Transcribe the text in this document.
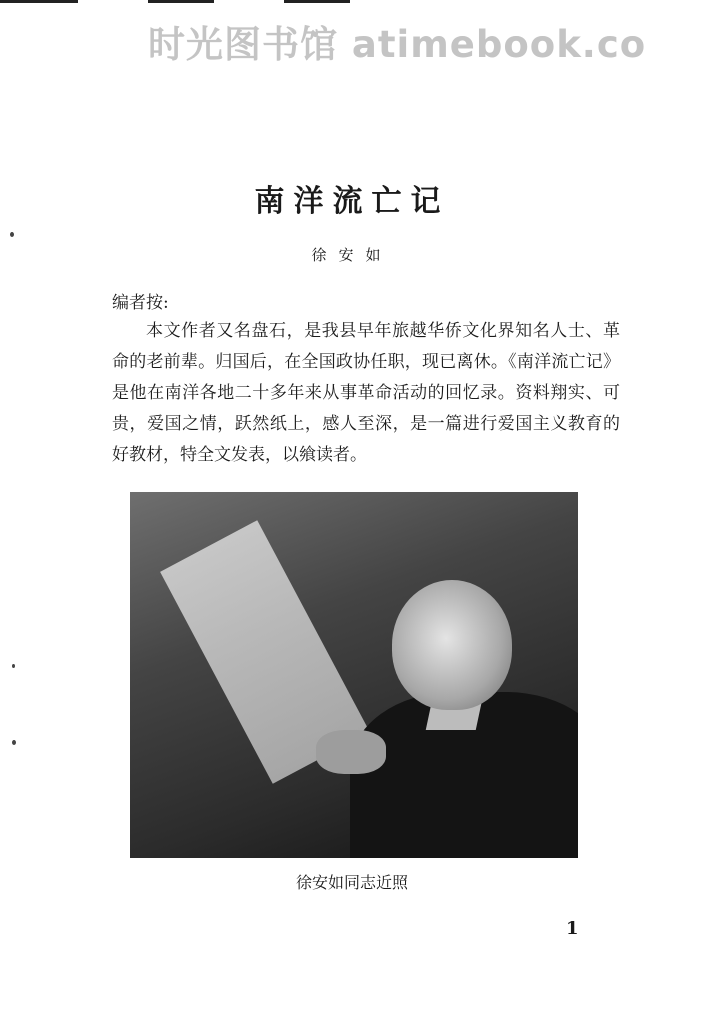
时光图书馆 atimebook.co
南洋流亡记
徐安如
编者按:
本文作者又名盘石，是我县早年旅越华侨文化界知名人士、革命的老前辈。归国后，在全国政协任职，现已离休。《南洋流亡记》是他在南洋各地二十多年来从事革命活动的回忆录。资料翔实、可贵，爱国之情，跃然纸上，感人至深，是一篇进行爱国主义教育的好教材，特全文发表，以飨读者。
徐安如同志近照
1
